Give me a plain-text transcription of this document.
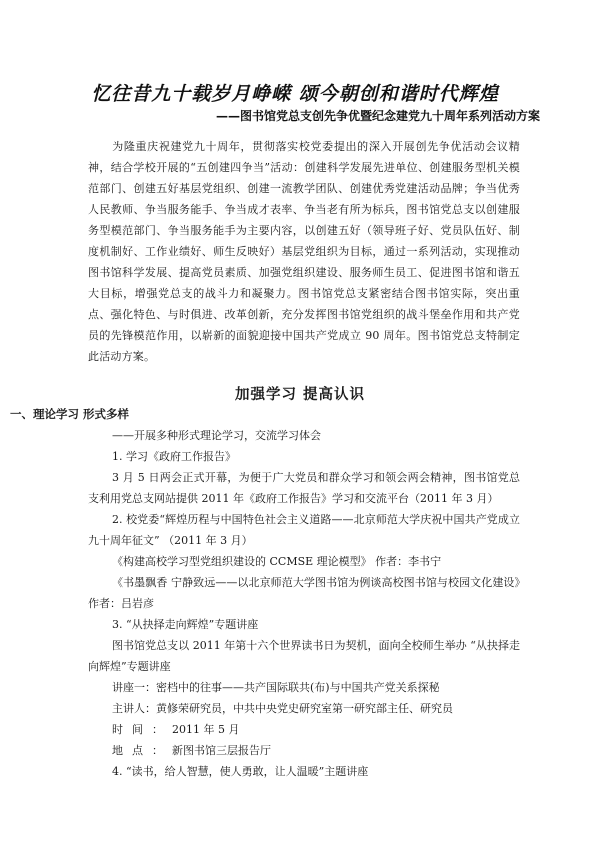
忆往昔九十载岁月峥嵘 颂今朝创和谐时代辉煌
——图书馆党总支创先争优暨纪念建党九十周年系列活动方案
为隆重庆祝建党九十周年，贯彻落实校党委提出的深入开展创先争优活动会议精神，结合学校开展的“五创建四争当”活动：创建科学发展先进单位、创建服务型机关模范部门、创建五好基层党组织、创建一流教学团队、创建优秀党建活动品牌；争当优秀人民教师、争当服务能手、争当成才表率、争当老有所为标兵，图书馆党总支以创建服务型模范部门、争当服务能手为主要内容，以创建五好（领导班子好、党员队伍好、制度机制好、工作业绩好、师生反映好）基层党组织为目标，通过一系列活动，实现推动图书馆科学发展、提高党员素质、加强党组织建设、服务师生员工、促进图书馆和谐五大目标，增强党总支的战斗力和凝聚力。图书馆党总支紧密结合图书馆实际，突出重点、强化特色、与时俱进、改革创新，充分发挥图书馆党组织的战斗堡垒作用和共产党员的先锋模范作用，以崭新的面貌迎接中国共产党成立 90 周年。图书馆党总支特制定此活动方案。
加强学习 提高认识
一、理论学习 形式多样
——开展多种形式理论学习，交流学习体会
1. 学习《政府工作报告》
3 月 5 日两会正式开幕，为便于广大党员和群众学习和领会两会精神，图书馆党总支利用党总支网站提供 2011 年《政府工作报告》学习和交流平台（2011 年 3 月）
2. 校党委“辉煌历程与中国特色社会主义道路——北京师范大学庆祝中国共产党成立九十周年征文” （2011 年 3 月）
《构建高校学习型党组织建设的 CCMSE 理论模型》 作者：李书宁
《书墨飘香 宁静致远——以北京师范大学图书馆为例谈高校图书馆与校园文化建设》作者：吕岩彦
3. “从抉择走向辉煌”专题讲座
图书馆党总支以 2011 年第十六个世界读书日为契机，面向全校师生举办 “从抉择走向辉煌”专题讲座
讲座一：密档中的往事——共产国际联共(布)与中国共产党关系探秘
主讲人：黄修荣研究员，中共中央党史研究室第一研究部主任、研究员
时间：2011 年 5 月
地点：新图书馆三层报告厅
4. “读书，给人智慧，使人勇敢，让人温暖”主题讲座
